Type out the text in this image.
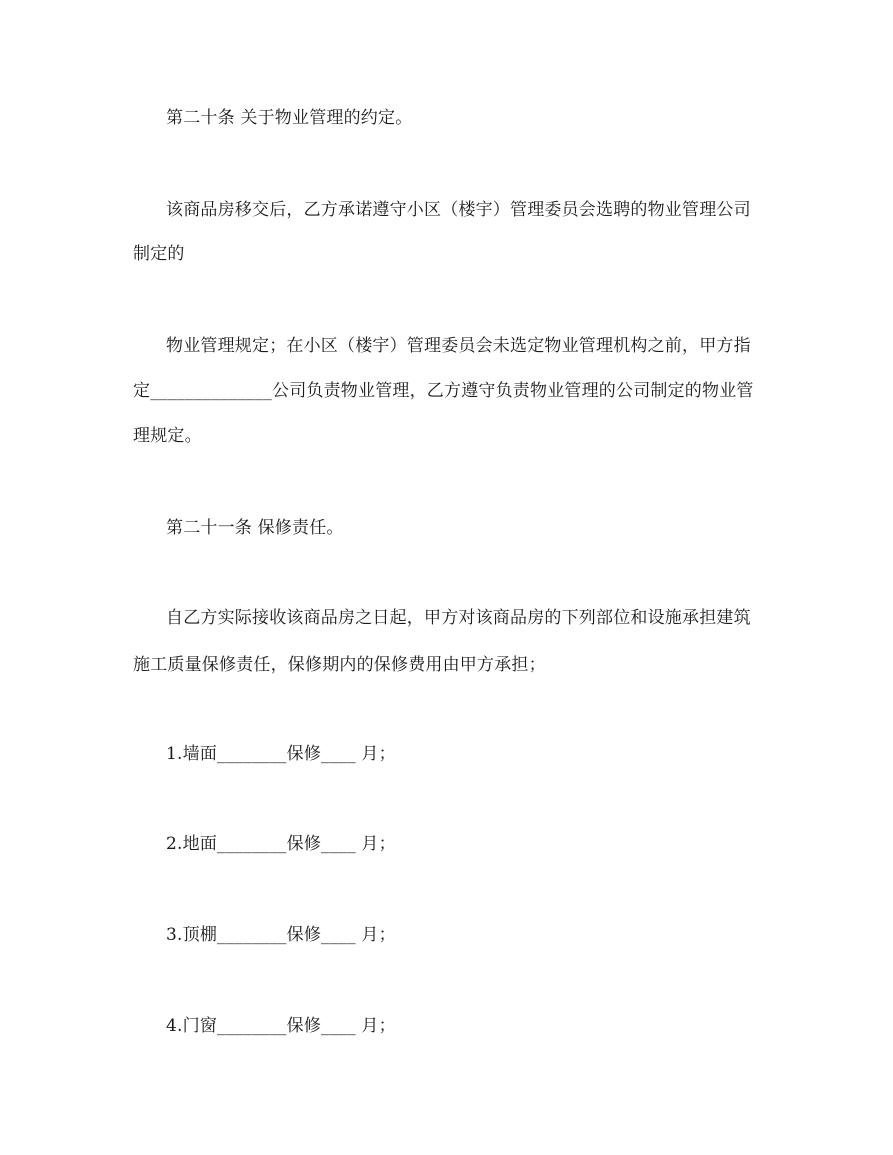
第二十条 关于物业管理的约定。
该商品房移交后，乙方承诺遵守小区（楼宇）管理委员会选聘的物业管理公司
制定的
物业管理规定；在小区（楼宇）管理委员会未选定物业管理机构之前，甲方指
定______________公司负责物业管理，乙方遵守负责物业管理的公司制定的物业管
理规定。
第二十一条 保修责任。
自乙方实际接收该商品房之日起，甲方对该商品房的下列部位和设施承担建筑
施工质量保修责任，保修期内的保修费用由甲方承担；
1.墙面________保修____ 月；
2.地面________保修____ 月；
3.顶棚________保修____ 月；
4.门窗________保修____ 月；
